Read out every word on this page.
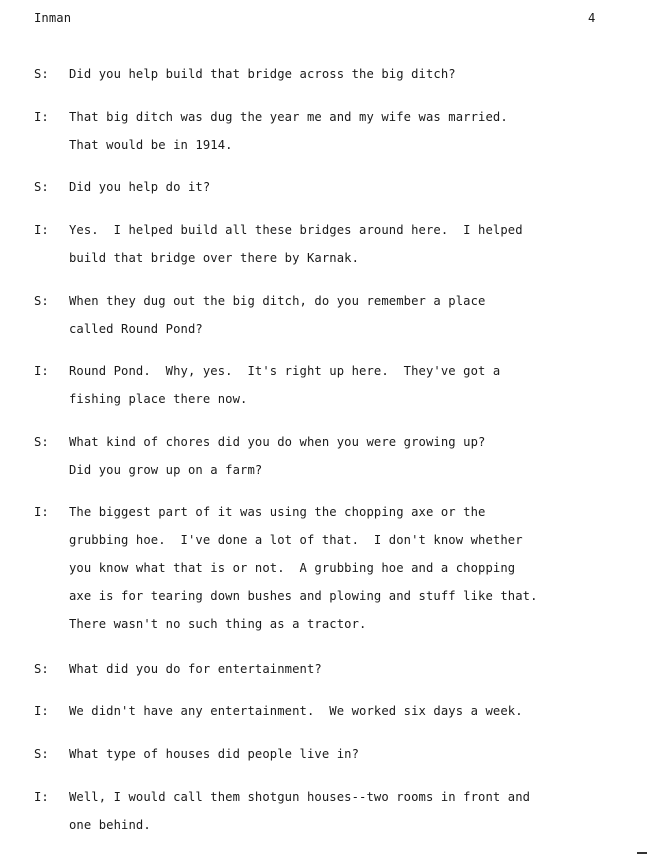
Inman	4
S: Did you help build that bridge across the big ditch?
I: That big ditch was dug the year me and my wife was married.
That would be in 1914.
S: Did you help do it?
I: Yes.  I helped build all these bridges around here.  I helped
build that bridge over there by Karnak.
S: When they dug out the big ditch, do you remember a place
called Round Pond?
I: Round Pond.  Why, yes.  It's right up here.  They've got a
fishing place there now.
S: What kind of chores did you do when you were growing up?
Did you grow up on a farm?
I: The biggest part of it was using the chopping axe or the
grubbing hoe.  I've done a lot of that.  I don't know whether
you know what that is or not.  A grubbing hoe and a chopping
axe is for tearing down bushes and plowing and stuff like that.
There wasn't no such thing as a tractor.
S: What did you do for entertainment?
I: We didn't have any entertainment.  We worked six days a week.
S: What type of houses did people live in?
I: Well, I would call them shotgun houses--two rooms in front and
one behind.
